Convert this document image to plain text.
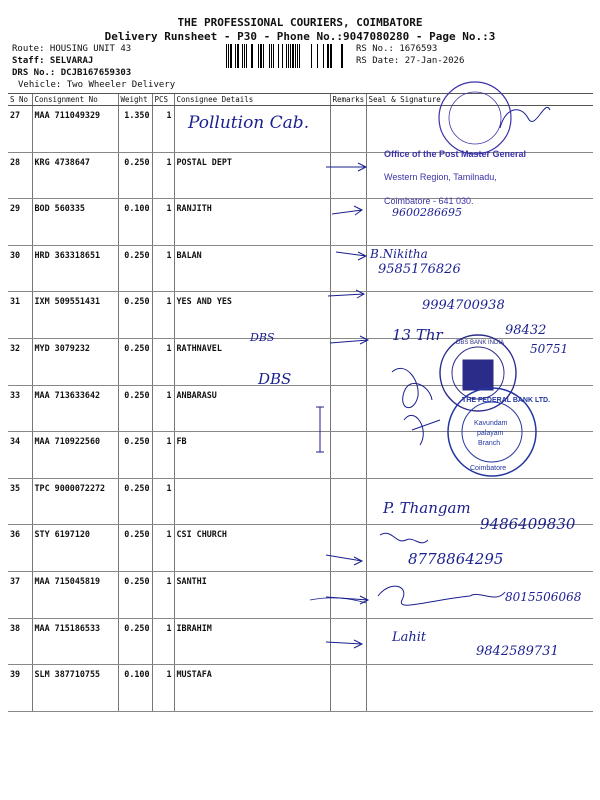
THE PROFESSIONAL COURIERS, COIMBATORE
Delivery Runsheet - P30 - Phone No.:9047080280 - Page No.:3
Route: HOUSING UNIT 43
Staff: SELVARAJ
DRS No.: DCJB167659303
Vehicle: Two Wheeler Delivery
RS No.: 1676593
RS Date: 27-Jan-2026
S No	Consignment No	Weight	PCS	Consignee Details	Remarks	Seal & Signature
27	MAA 711049329	1.350	1			
28	KRG 4738647	0.250	1	POSTAL DEPT		
29	BOD 560335	0.100	1	RANJITH		
30	HRD 363318651	0.250	1	BALAN		
31	IXM 509551431	0.250	1	YES AND YES		
32	MYD 3079232	0.250	1	RATHNAVEL		
33	MAA 713633642	0.250	1	ANBARASU		
34	MAA 710922560	0.250	1	FB		
35	TPC 9000072272	0.250	1			
36	STY 6197120	0.250	1	CSI CHURCH		
37	MAA 715045819	0.250	1	SANTHI		
38	MAA 715186533	0.250	1	IBRAHIM		
39	SLM 387710755	0.100	1	MUSTAFA		
Office of the Post Master General
Western Region, Tamilnadu,
Coimbatore - 641 030.
DBS BANK INDIA
THE FEDERAL BANK LTD.
Kavundam
palayam
Branch
Coimbatore
Pollution Cab.
DBS
DBS
9600286695
B.Nikitha
9585176826
9994700938
13 Thr	98432
50751
P. Thangam
9486409830
8778864295
8015506068
Lahit
9842589731
